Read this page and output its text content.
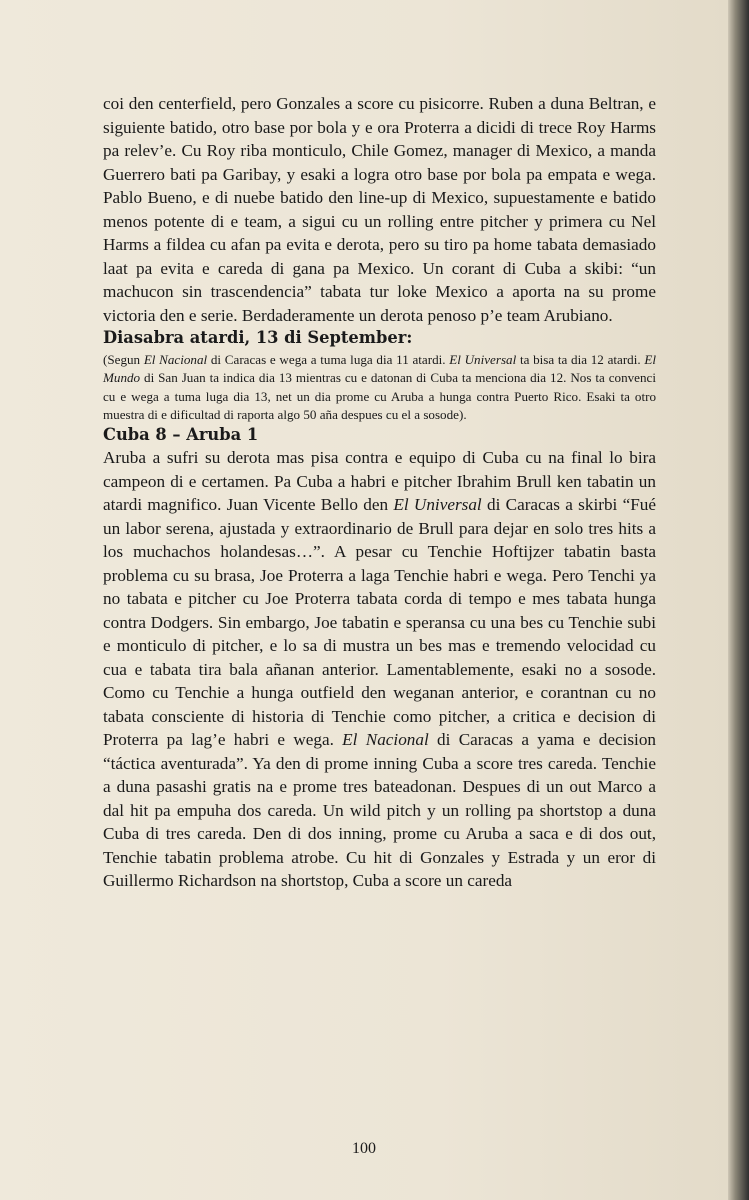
coi den centerfield, pero Gonzales a score cu pisicorre. Ruben a duna Beltran, e siguiente batido, otro base por bola y e ora Proterra a dicidi di trece Roy Harms pa relev’e. Cu Roy riba monticulo, Chile Gomez, manager di Mexico, a manda Guerrero bati pa Garibay, y esaki a logra otro base por bola pa empata e wega. Pablo Bueno, e di nuebe batido den line-up di Mexico, supuestamente e batido menos potente di e team, a sigui cu un rolling entre pitcher y primera cu Nel Harms a fildea cu afan pa evita e derota, pero su tiro pa home tabata demasiado laat pa evita e careda di gana pa Mexico. Un corant di Cuba a skibi: “un machucon sin trascendencia” tabata tur loke Mexico a aporta na su prome victoria den e serie. Berdaderamente un derota penoso p’e team Arubiano.

Diasabra atardi, 13 di September:

(Segun El Nacional di Caracas e wega a tuma luga dia 11 atardi. El Universal ta bisa ta dia 12 atardi. El Mundo di San Juan ta indica dia 13 mientras cu e datonan di Cuba ta menciona dia 12. Nos ta convenci cu e wega a tuma luga dia 13, net un dia prome cu Aruba a hunga contra Puerto Rico. Esaki ta otro muestra di e dificultad di raporta algo 50 aña despues cu el a sosode).

Cuba 8 – Aruba 1

Aruba a sufri su derota mas pisa contra e equipo di Cuba cu na final lo bira campeon di e certamen. Pa Cuba a habri e pitcher Ibrahim Brull ken tabatin un atardi magnifico. Juan Vicente Bello den El Universal di Caracas a skirbi “Fué un labor serena, ajustada y extraordinario de Brull para dejar en solo tres hits a los muchachos holandesas…”. A pesar cu Tenchie Hoftijzer tabatin basta problema cu su brasa, Joe Proterra a laga Tenchie habri e wega. Pero Tenchi ya no tabata e pitcher cu Joe Proterra tabata corda di tempo e mes tabata hunga contra Dodgers. Sin embargo, Joe tabatin e speransa cu una bes cu Tenchie subi e monticulo di pitcher, e lo sa di mustra un bes mas e tremendo velocidad cu cua e tabata tira bala añanan anterior. Lamentablemente, esaki no a sosode. Como cu Tenchie a hunga outfield den weganan anterior, e corantnan cu no tabata consciente di historia di Tenchie como pitcher, a critica e decision di Proterra pa lag’e habri e wega. El Nacional di Caracas a yama e decision “táctica aventurada”. Ya den di prome inning Cuba a score tres careda. Tenchie a duna pasashi gratis na e prome tres bateadonan. Despues di un out Marco a dal hit pa empuha dos careda. Un wild pitch y un rolling pa shortstop a duna Cuba di tres careda. Den di dos inning, prome cu Aruba a saca e di dos out, Tenchie tabatin problema atrobe. Cu hit di Gonzales y Estrada y un eror di Guillermo Richardson na shortstop, Cuba a score un careda

100
